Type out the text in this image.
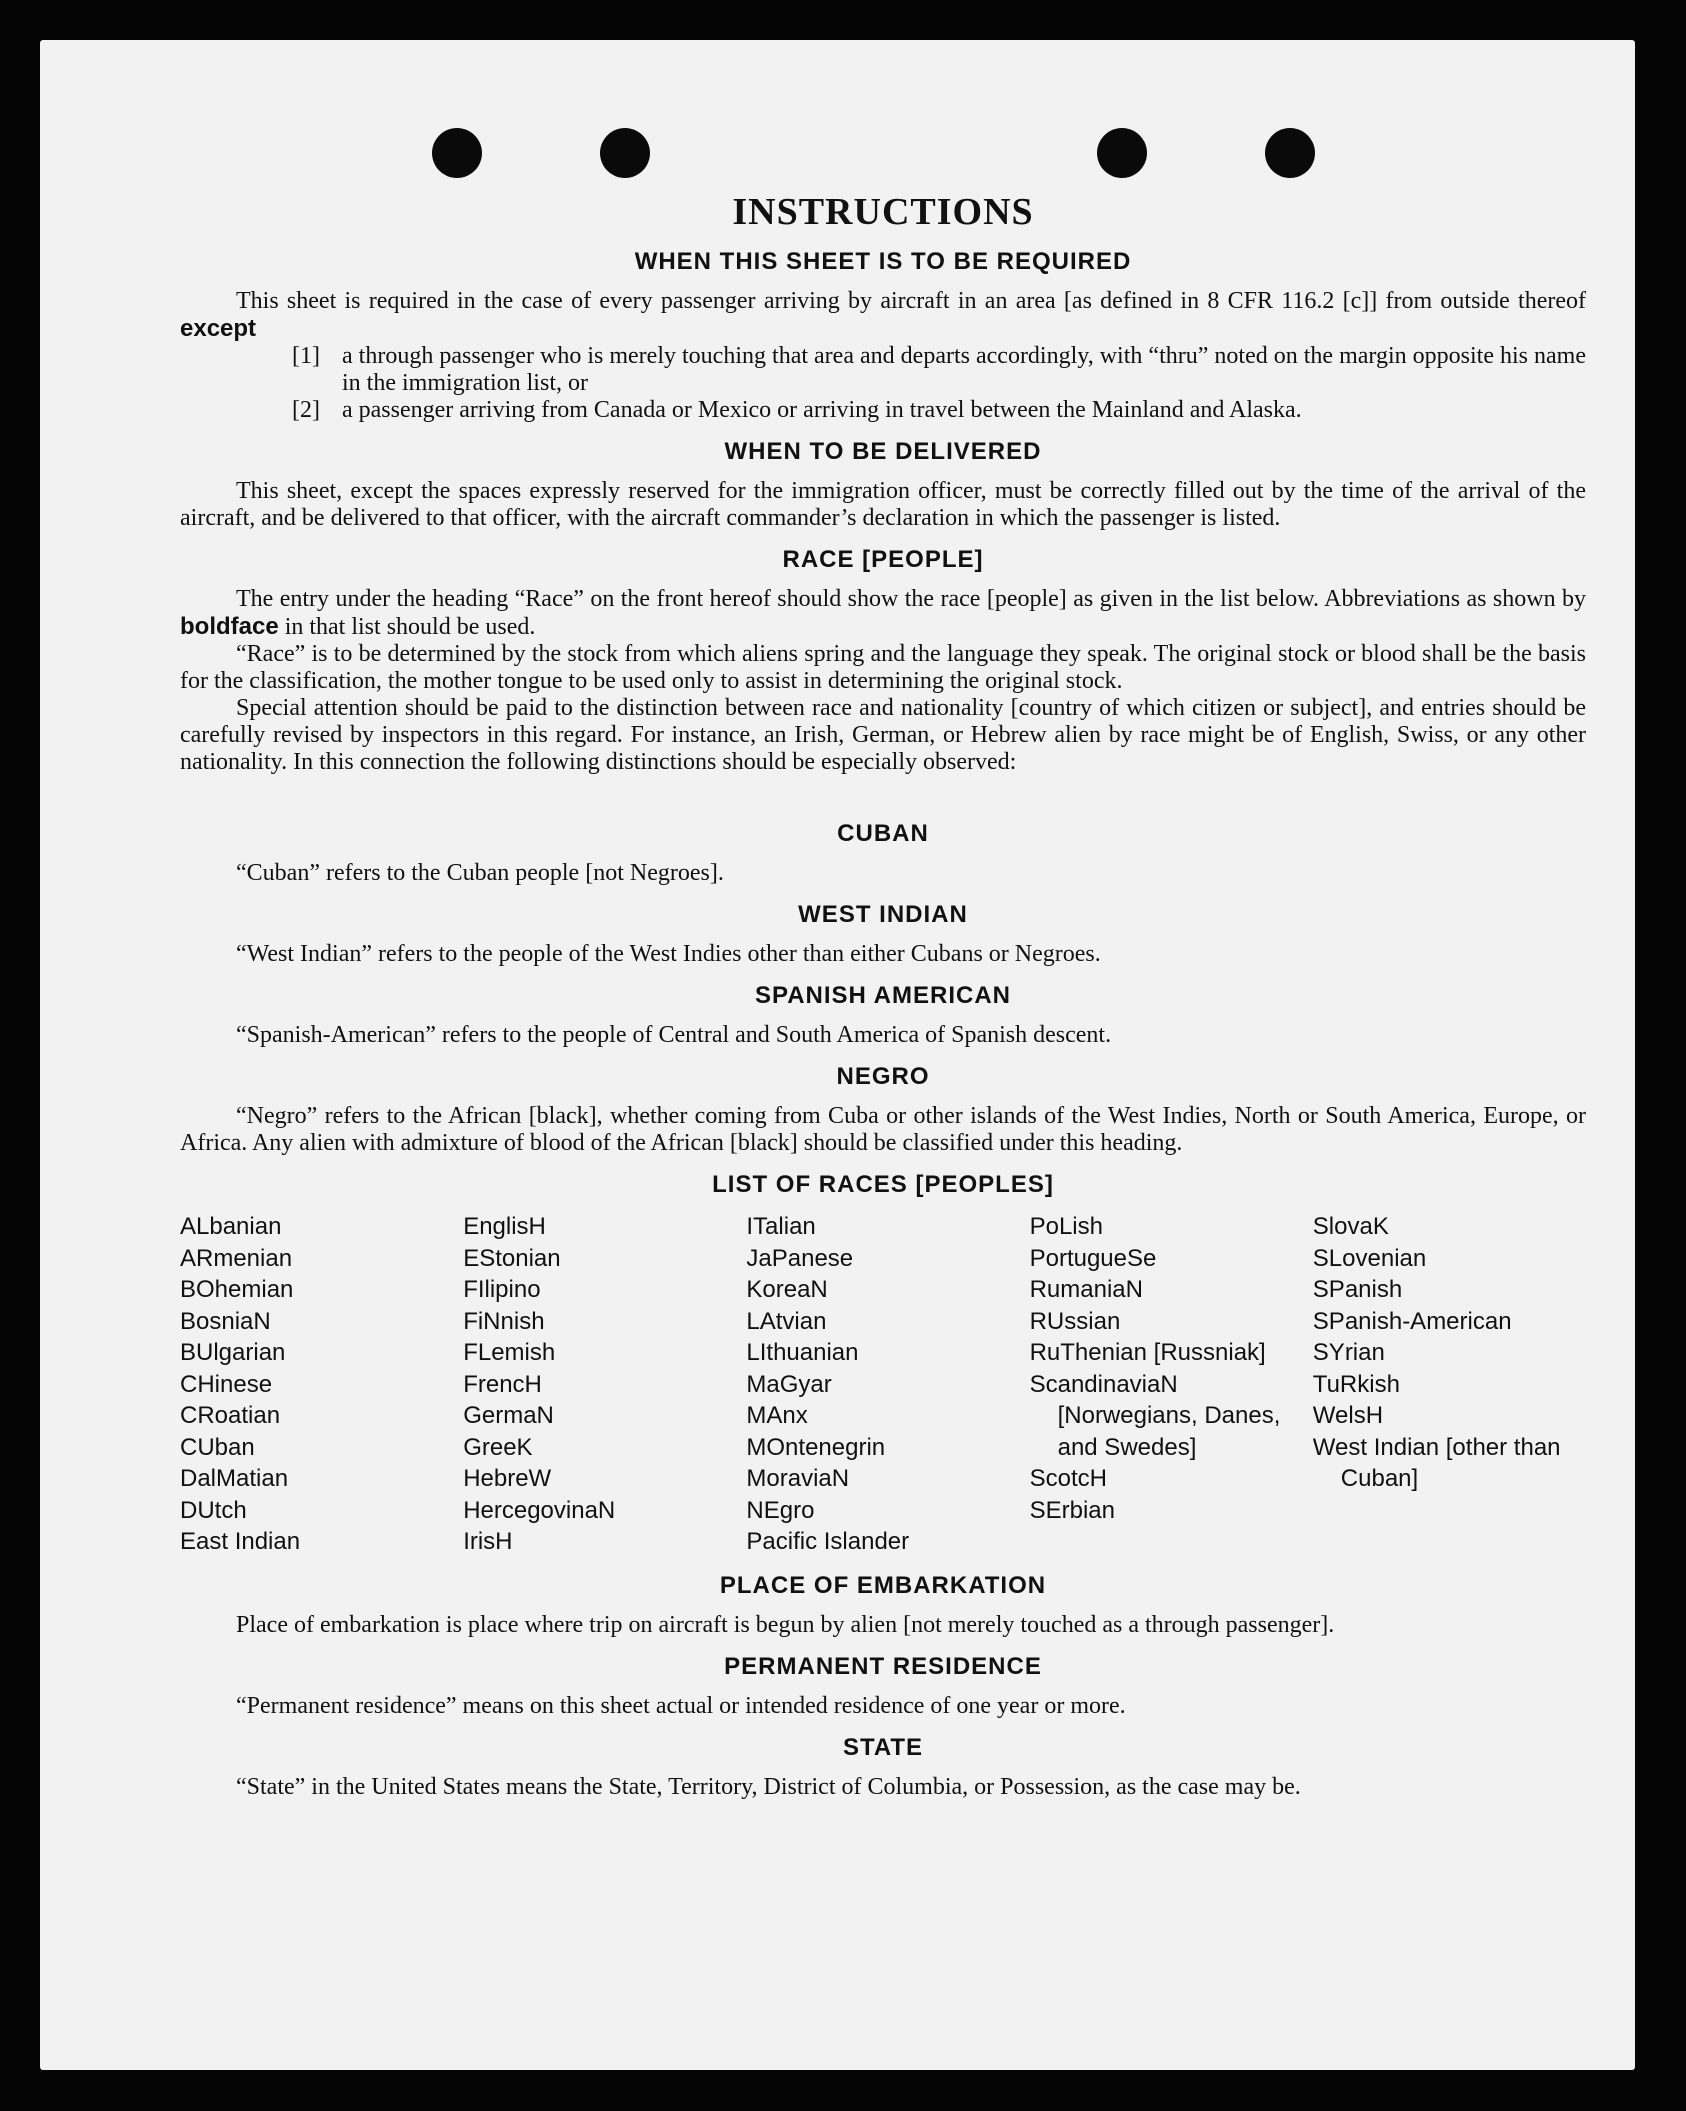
INSTRUCTIONS
WHEN THIS SHEET IS TO BE REQUIRED

This sheet is required in the case of every passenger arriving by aircraft in an area [as defined in 8 CFR 116.2 [c]] from outside thereof except

[1] a through passenger who is merely touching that area and departs accordingly, with “thru” noted on the margin opposite his name in the immigration list, or
[2] a passenger arriving from Canada or Mexico or arriving in travel between the Mainland and Alaska.
WHEN TO BE DELIVERED

This sheet, except the spaces expressly reserved for the immigration officer, must be correctly filled out by the time of the arrival of the aircraft, and be delivered to that officer, with the aircraft commander’s declaration in which the passenger is listed.

RACE [PEOPLE]

The entry under the heading “Race” on the front hereof should show the race [people] as given in the list below. Abbreviations as shown by boldface in that list should be used.

“Race” is to be determined by the stock from which aliens spring and the language they speak. The original stock or blood shall be the basis for the classification, the mother tongue to be used only to assist in determining the original stock.

Special attention should be paid to the distinction between race and nationality [country of which citizen or subject], and entries should be carefully revised by inspectors in this regard. For instance, an Irish, German, or Hebrew alien by race might be of English, Swiss, or any other nationality. In this connection the following distinctions should be especially observed:

CUBAN

“Cuban” refers to the Cuban people [not Negroes].

WEST INDIAN

“West Indian” refers to the people of the West Indies other than either Cubans or Negroes.

SPANISH AMERICAN

“Spanish-American” refers to the people of Central and South America of Spanish descent.

NEGRO

“Negro” refers to the African [black], whether coming from Cuba or other islands of the West Indies, North or South America, Europe, or Africa. Any alien with admixture of blood of the African [black] should be classified under this heading.

LIST OF RACES [PEOPLES]
ALbanian
ARmenian
BOhemian
BosniaN
BUlgarian
CHinese
CRoatian
CUban
DalMatian
DUtch
East Indian
EnglisH
EStonian
FIlipino
FiNnish
FLemish
FrencH
GermaN
GreeK
HebreW
HercegovinaN
IrisH
ITalian
JaPanese
KoreaN
LAtvian
LIthuanian
MaGyar
MAnx
MOntenegrin
MoraviaN
NEgro
Pacific Islander
PoLish
PortugueSe
RumaniaN
RUssian
RuThenian [Russniak]
ScandinaviaN [Norwegians, Danes, and Swedes]
ScotcH
SErbian
SlovaK
SLovenian
SPanish
SPanish-American
SYrian
TuRkish
WelsH
West Indian [other than Cuban]
PLACE OF EMBARKATION

Place of embarkation is place where trip on aircraft is begun by alien [not merely touched as a through passenger].

PERMANENT RESIDENCE

“Permanent residence” means on this sheet actual or intended residence of one year or more.

STATE

“State” in the United States means the State, Territory, District of Columbia, or Possession, as the case may be.
